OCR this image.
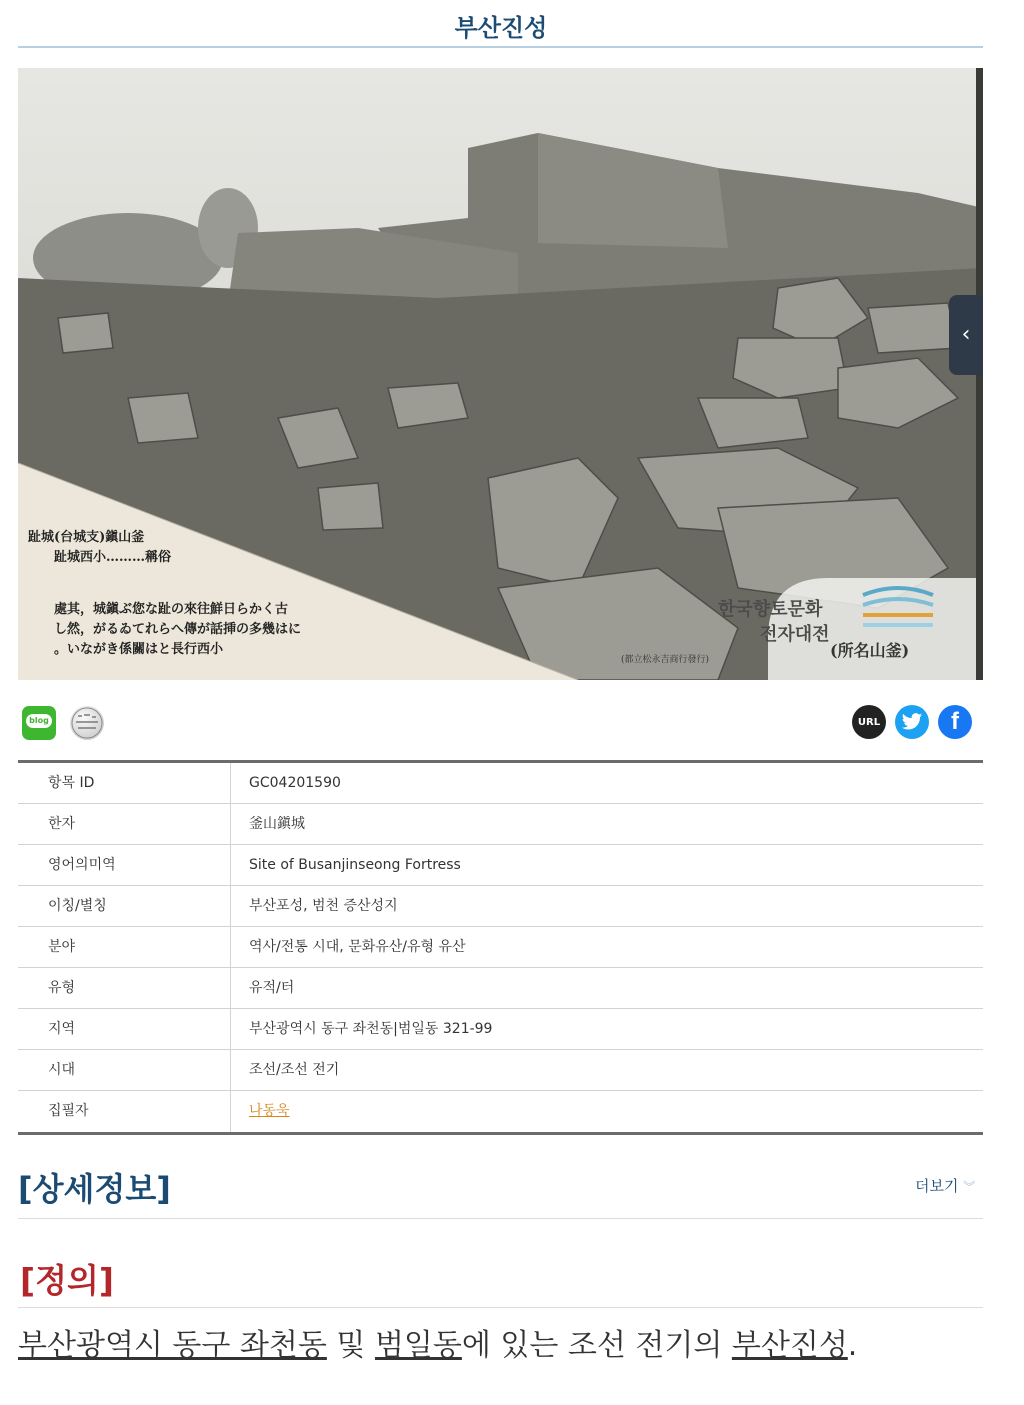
부산진성
趾城(台城支)鎭山釜
趾城西小………稱俗
處其，城鎭ぶ您な趾の來往鮮日らかく古
し然，がるゐてれらへ傳が話挿の多幾はに
。いながき係關はと長行西小
(都立松永吉商行發行)
한국향토문화
전자대전
(所名山釜)
‹
blog	URL	f
항목 ID	GC04201590
한자	釜山鎭城
영어의미역	Site of Busanjinseong Fortress
이칭/별칭	부산포성, 범천 증산성지
분야	역사/전통 시대, 문화유산/유형 유산
유형	유적/터
지역	부산광역시 동구 좌천동|범일동 321-99
시대	조선/조선 전기
집필자	나동욱
[상세정보]	더보기 ︾
[정의]
부산광역시 동구 좌천동 및 범일동에 있는 조선 전기의 부산진성.
